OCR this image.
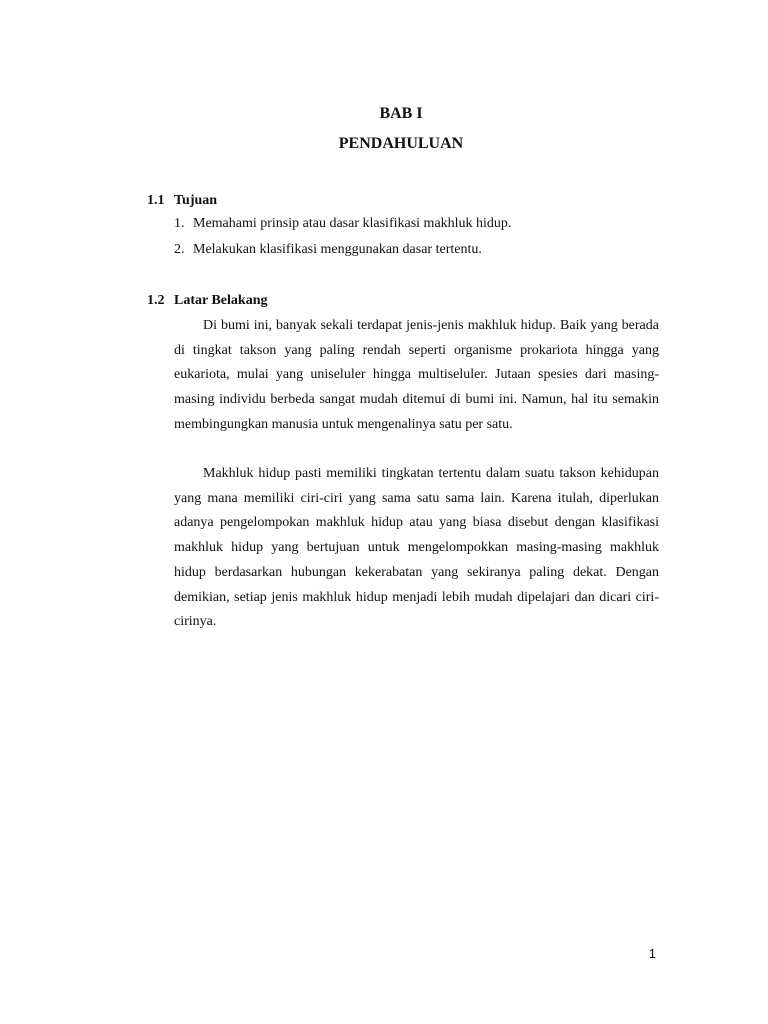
BAB I
PENDAHULUAN
1.1 Tujuan
1. Memahami prinsip atau dasar klasifikasi makhluk hidup.
2. Melakukan klasifikasi menggunakan dasar tertentu.
1.2 Latar Belakang

Di bumi ini, banyak sekali terdapat jenis-jenis makhluk hidup. Baik yang berada di tingkat takson yang paling rendah seperti organisme prokariota hingga yang eukariota, mulai yang uniseluler hingga multiseluler. Jutaan spesies dari masing-masing individu berbeda sangat mudah ditemui di bumi ini. Namun, hal itu semakin membingungkan manusia untuk mengenalinya satu per satu.

Makhluk hidup pasti memiliki tingkatan tertentu dalam suatu takson kehidupan yang mana memiliki ciri-ciri yang sama satu sama lain. Karena itulah, diperlukan adanya pengelompokan makhluk hidup atau yang biasa disebut dengan klasifikasi makhluk hidup yang bertujuan untuk mengelompokkan masing-masing makhluk hidup berdasarkan hubungan kekerabatan yang sekiranya paling dekat. Dengan demikian, setiap jenis makhluk hidup menjadi lebih mudah dipelajari dan dicari ciri-cirinya.

1
